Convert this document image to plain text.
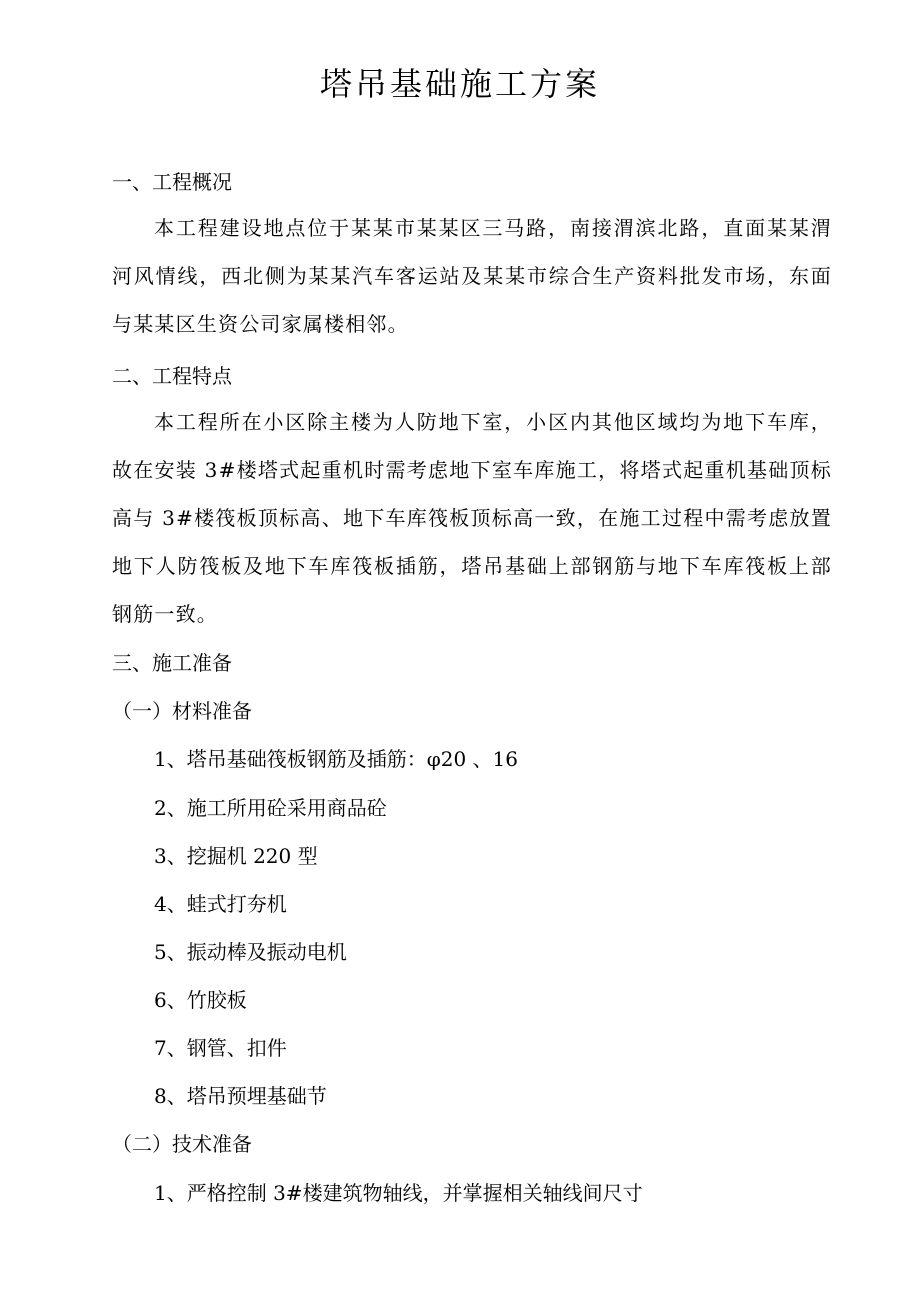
塔吊基础施工方案
一、工程概况
本工程建设地点位于某某市某某区三马路，南接渭滨北路，直面某某渭河风情线，西北侧为某某汽车客运站及某某市综合生产资料批发市场，东面与某某区生资公司家属楼相邻。
二、工程特点
本工程所在小区除主楼为人防地下室，小区内其他区域均为地下车库，故在安装 3#楼塔式起重机时需考虑地下室车库施工，将塔式起重机基础顶标高与 3#楼筏板顶标高、地下车库筏板顶标高一致，在施工过程中需考虑放置地下人防筏板及地下车库筏板插筋，塔吊基础上部钢筋与地下车库筏板上部钢筋一致。
三、施工准备
（一）材料准备
1、塔吊基础筏板钢筋及插筋：φ20 、16
2、施工所用砼采用商品砼
3、挖掘机 220 型
4、蛙式打夯机
5、振动棒及振动电机
6、竹胶板
7、钢管、扣件
8、塔吊预埋基础节
（二）技术准备
1、严格控制 3#楼建筑物轴线，并掌握相关轴线间尺寸
